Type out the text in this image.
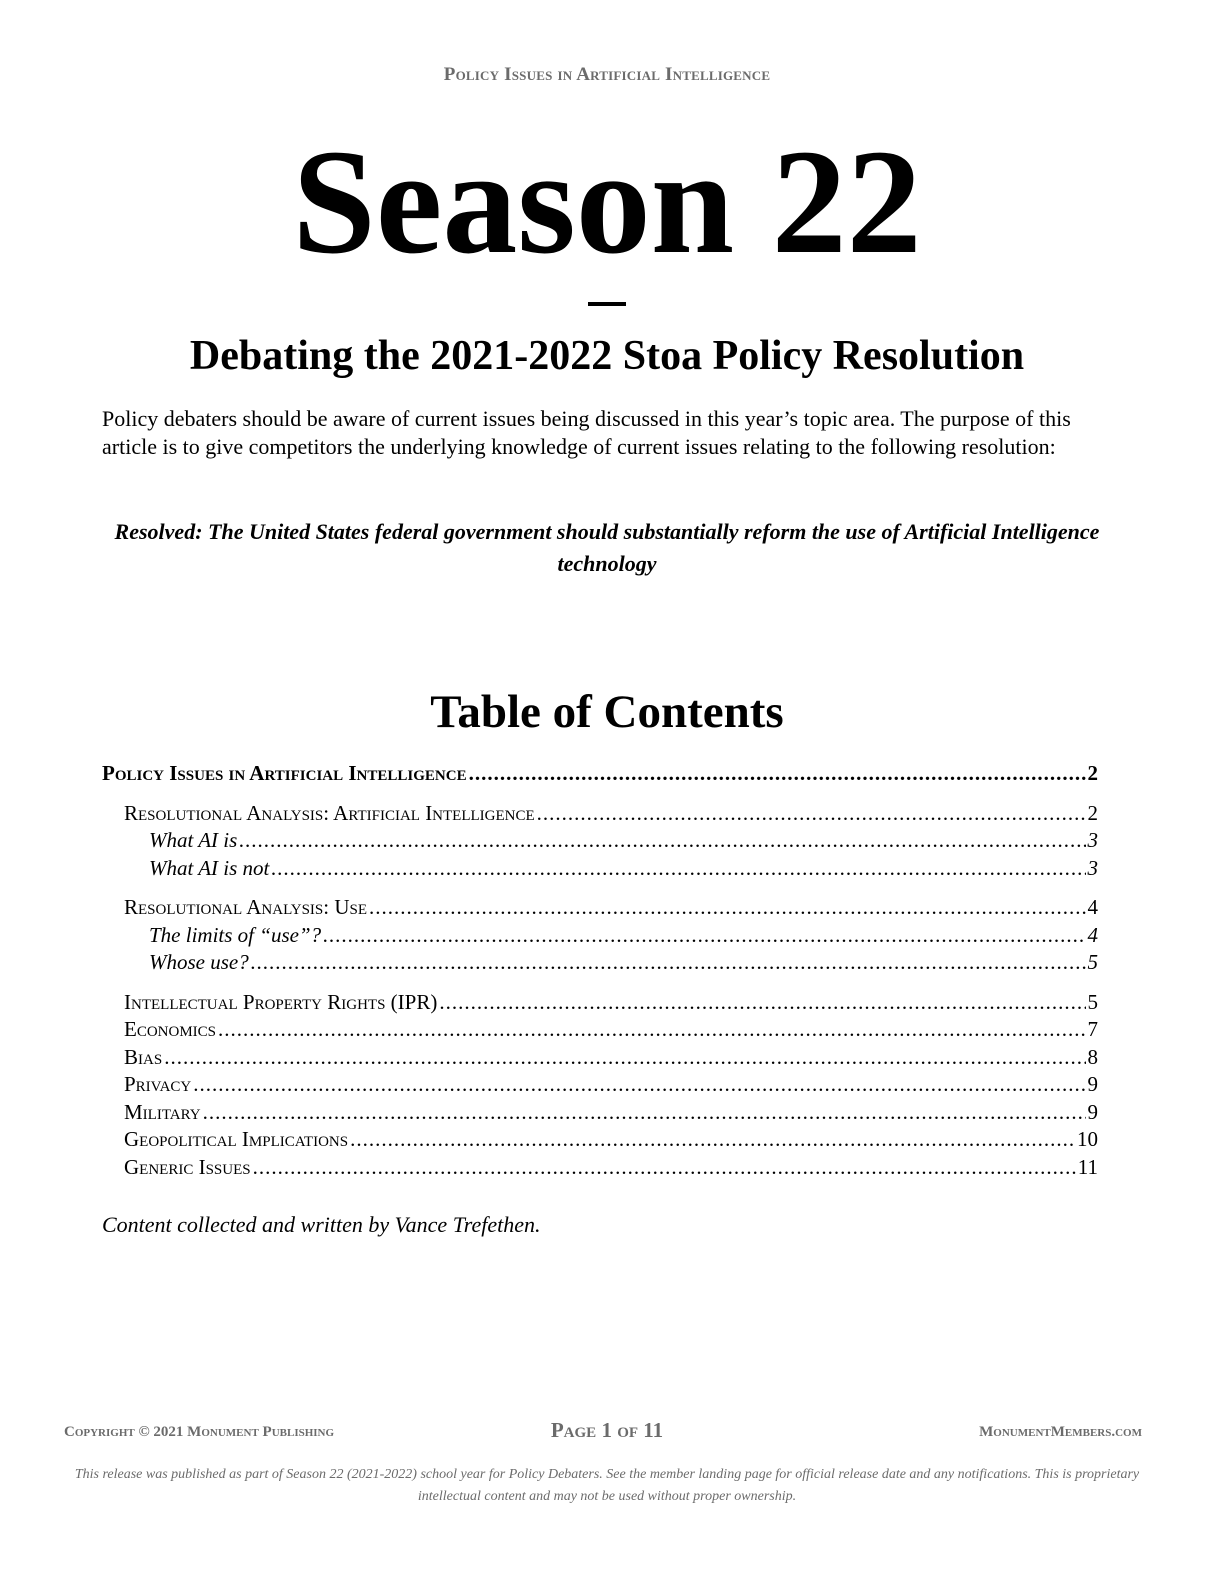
Policy Issues in Artificial Intelligence
Season 22
Debating the 2021-2022 Stoa Policy Resolution
Policy debaters should be aware of current issues being discussed in this year’s topic area. The purpose of this article is to give competitors the underlying knowledge of current issues relating to the following resolution:
Resolved: The United States federal government should substantially reform the use of Artificial Intelligence technology
Table of Contents
Policy Issues in Artificial Intelligence .....	2
Resolutional Analysis: Artificial Intelligence .....	2
What AI is .....	3
What AI is not .....	3
Resolutional Analysis: Use .....	4
The limits of “use”? .....	4
Whose use? .....	5
Intellectual Property Rights (IPR) .....	5
Economics .....	7
Bias .....	8
Privacy .....	9
Military .....	9
Geopolitical Implications .....	10
Generic Issues .....	11
Content collected and written by Vance Trefethen.
Copyright © 2021 Monument Publishing	Page 1 of 11	MonumentMembers.com
This release was published as part of Season 22 (2021-2022) school year for Policy Debaters. See the member landing page for official release date and any notifications. This is proprietary intellectual content and may not be used without proper ownership.
